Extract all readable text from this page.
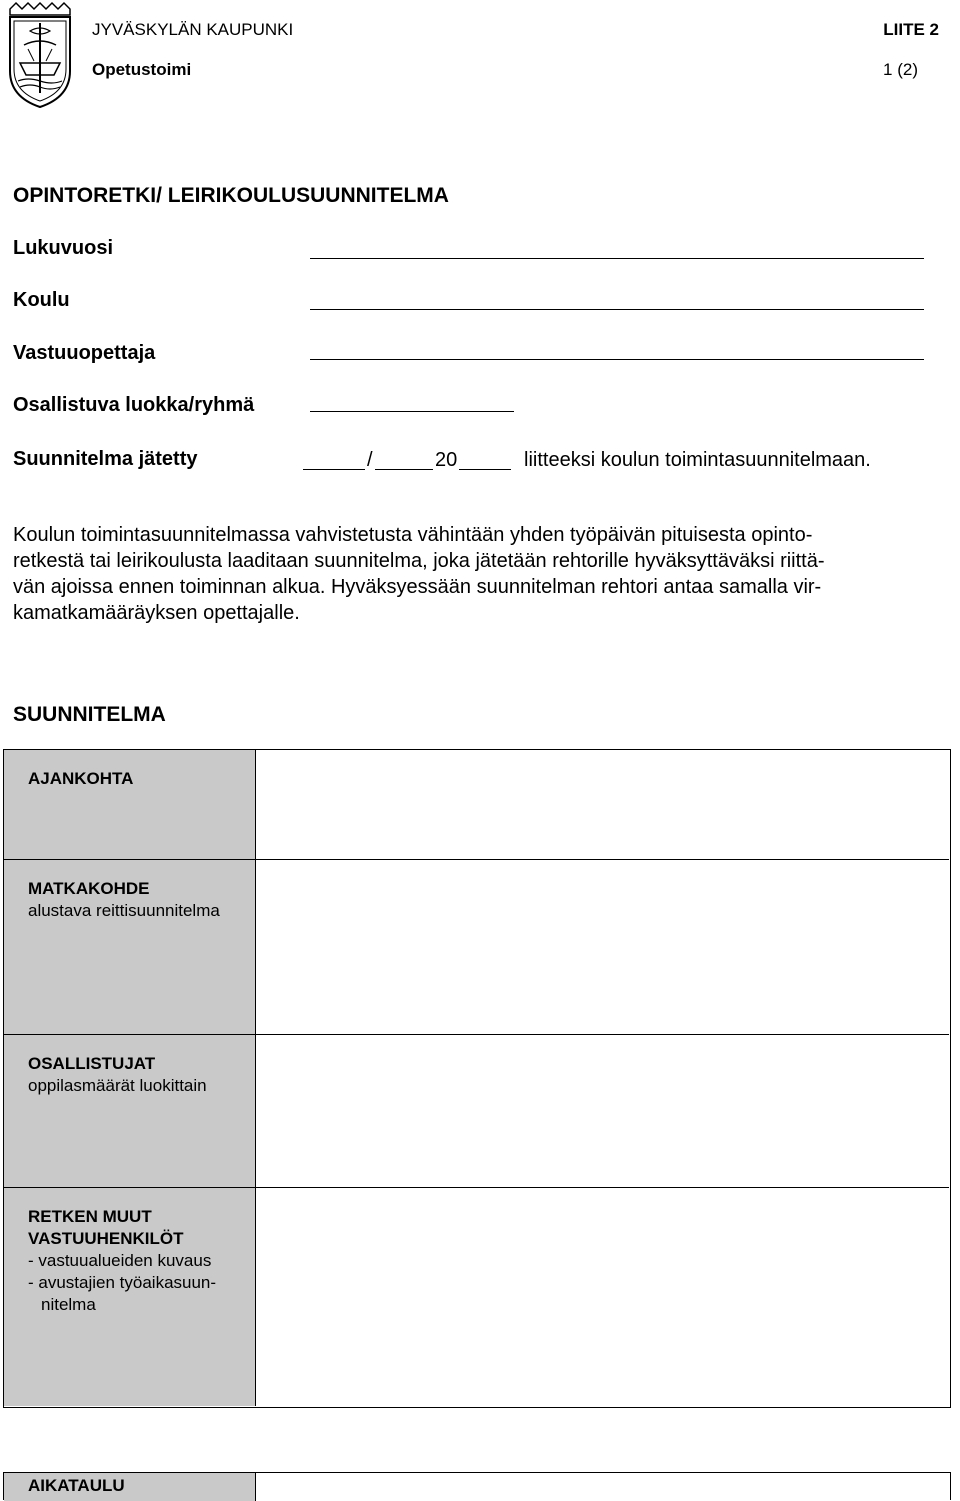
JYVÄSKYLÄN KAUPUNKI	LIITE 2
Opetustoimi	1 (2)
OPINTORETKI/ LEIRIKOULUSUUNNITELMA
Lukuvuosi
Koulu
Vastuuopettaja
Osallistuva luokka/ryhmä
Suunnitelma jätetty	/	20	liitteeksi koulun toimintasuunnitelmaan.
Koulun toimintasuunnitelmassa vahvistetusta vähintään yhden työpäivän pituisesta opinto-
retkestä tai leirikoulusta laaditaan suunnitelma, joka jätetään rehtorille hyväksyttäväksi riittä-
vän ajoissa ennen toiminnan alkua. Hyväksyessään suunnitelman rehtori antaa samalla vir-
kamatkamääräyksen opettajalle.
SUUNNITELMA
AJANKOHTA
MATKAKOHDE
alustava reittisuunnitelma
OSALLISTUJAT
oppilasmäärät luokittain
RETKEN MUUT
VASTUUHENKILÖT
- vastuualueiden kuvaus
- avustajien työaikasuun-
nitelma
AIKATAULU
